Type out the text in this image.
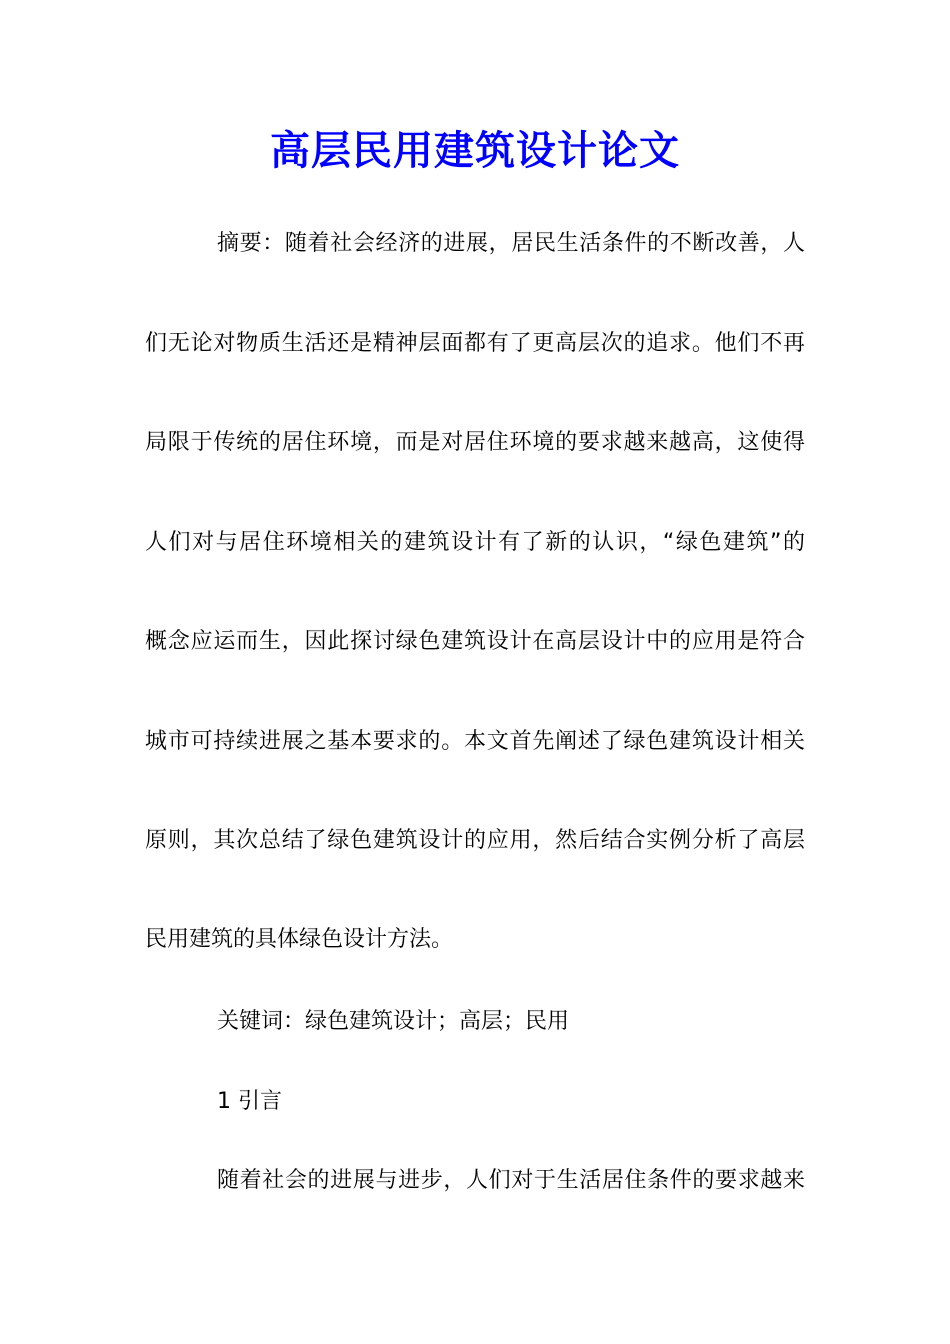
高层民用建筑设计论文
摘要：随着社会经济的进展，居民生活条件的不断改善，人
们无论对物质生活还是精神层面都有了更高层次的追求。他们不再
局限于传统的居住环境，而是对居住环境的要求越来越高，这使得
人们对与居住环境相关的建筑设计有了新的认识，“绿色建筑”的
概念应运而生，因此探讨绿色建筑设计在高层设计中的应用是符合
城市可持续进展之基本要求的。本文首先阐述了绿色建筑设计相关
原则，其次总结了绿色建筑设计的应用，然后结合实例分析了高层
民用建筑的具体绿色设计方法。
关键词：绿色建筑设计；高层；民用
1 引言
随着社会的进展与进步，人们对于生活居住条件的要求越来
